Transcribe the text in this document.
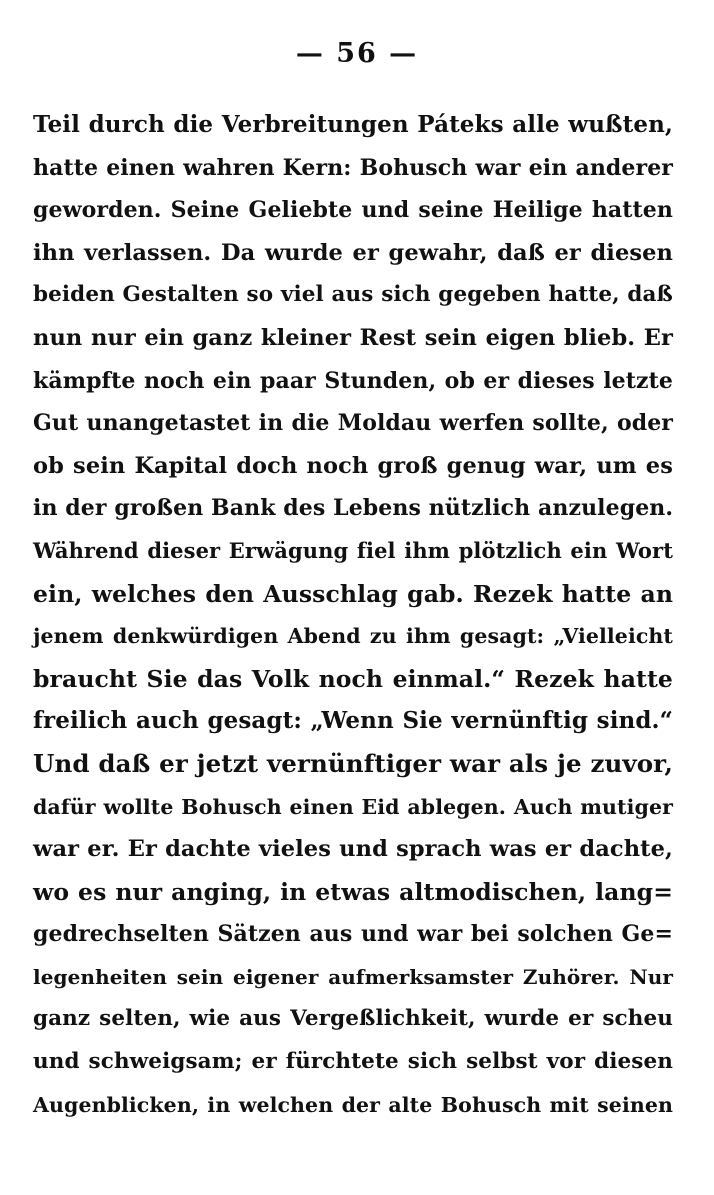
— 56 —
Teil durch die Verbreitungen Páteks alle wußten,
hatte einen wahren Kern: Bohusch war ein anderer
geworden. Seine Geliebte und seine Heilige hatten
ihn verlassen. Da wurde er gewahr, daß er diesen
beiden Gestalten so viel aus sich gegeben hatte, daß
nun nur ein ganz kleiner Rest sein eigen blieb. Er
kämpfte noch ein paar Stunden, ob er dieses letzte
Gut unangetastet in die Moldau werfen sollte, oder
ob sein Kapital doch noch groß genug war, um es
in der großen Bank des Lebens nützlich anzulegen.
Während dieser Erwägung fiel ihm plötzlich ein Wort
ein, welches den Ausschlag gab. Rezek hatte an
jenem denkwürdigen Abend zu ihm gesagt: „Vielleicht
braucht Sie das Volk noch einmal.“ Rezek hatte
freilich auch gesagt: „Wenn Sie vernünftig sind.“
Und daß er jetzt vernünftiger war als je zuvor,
dafür wollte Bohusch einen Eid ablegen. Auch mutiger
war er. Er dachte vieles und sprach was er dachte,
wo es nur anging, in etwas altmodischen, lang=
gedrechselten Sätzen aus und war bei solchen Ge=
legenheiten sein eigener aufmerksamster Zuhörer. Nur
ganz selten, wie aus Vergeßlichkeit, wurde er scheu
und schweigsam; er fürchtete sich selbst vor diesen
Augenblicken, in welchen der alte Bohusch mit seinen
